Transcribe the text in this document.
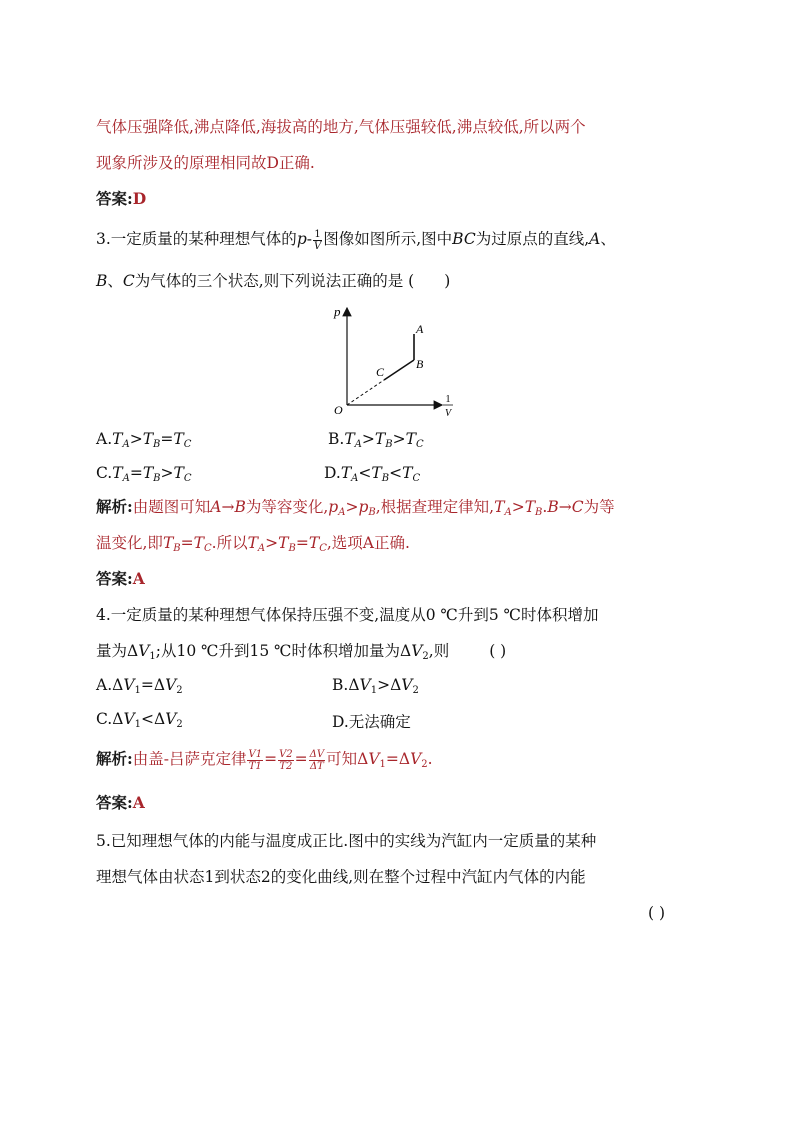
气体压强降低,沸点降低,海拔高的地方,气体压强较低,沸点较低,所以两个
现象所涉及的原理相同故D正确.
答案:D
3.一定质量的某种理想气体的$p- \frac{1}{V}$ 图像如图所示,图中BC为过原点的直线,A、
B、C为气体的三个状态,则下列说法正确的是 ( )
p
A
B
C
O
1
V
$A.T_A>T_B=T_C$	$B.T_A>T_B>T_C$
$C.T_A=T_B>T_C$	$D.T_A<T_B<T_C$
解析:由题图可知A→B为等容变化$,p_A>p_B$,根据查理定律知$,T_A>T_B.B\to C$为等
温变化,即$T_B=T_C$.所以$T_A>T_B=T_C$,选项A正确.
答案:A
4.一定质量的某种理想气体保持压强不变,温度从0 ℃升到5 ℃时体积增加
量为$\Delta V_1$;从10 ℃升到15 ℃时体积增加量为$\Delta V_2$,则	( )
$A.\Delta V_1=\Delta V_2$	$B.\Delta V_1>\Delta V_2$
$C.\Delta V_1<\Delta V_2$	D.无法确定
解析:由盖-吕萨克定律 $\frac{V1}{T1} = \frac{V2}{T2} = \frac{\Delta V}{\Delta T}$ 可知$\Delta V_1=\Delta V_2$.
答案:A
5.已知理想气体的内能与温度成正比.图中的实线为汽缸内一定质量的某种
理想气体由状态1到状态2的变化曲线,则在整个过程中汽缸内气体的内能
( )
